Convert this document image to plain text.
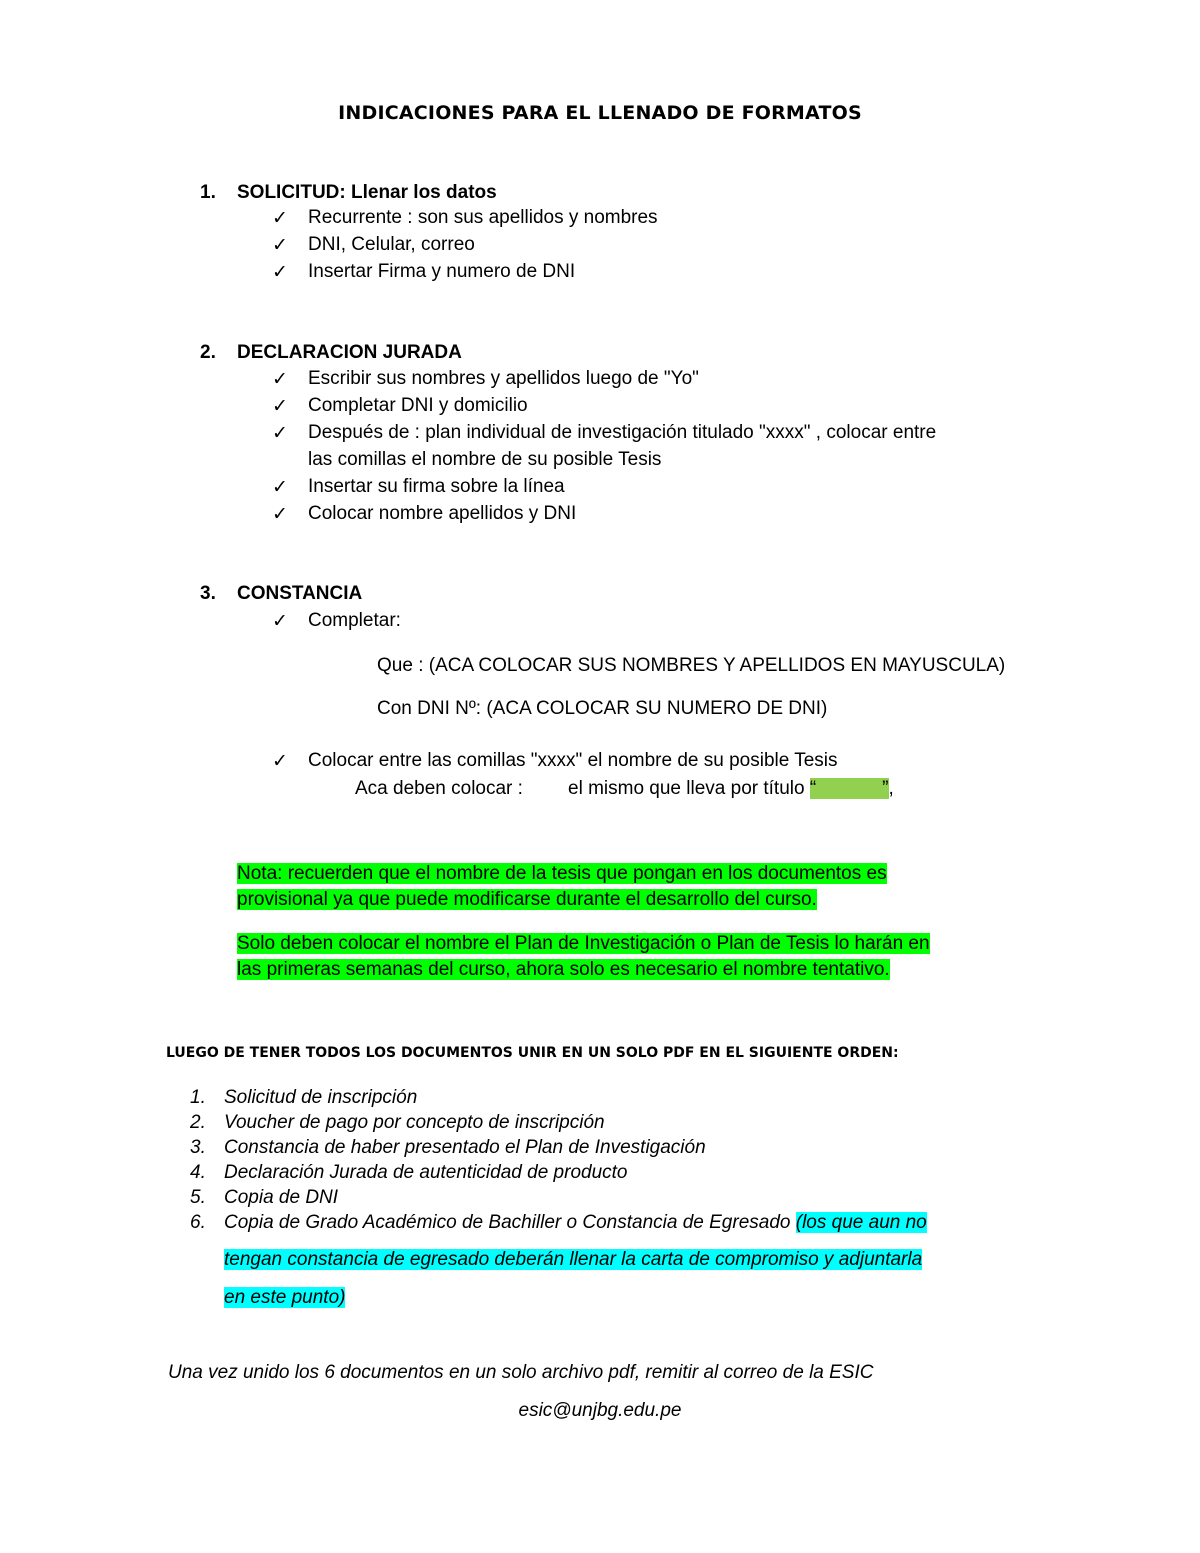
INDICACIONES PARA EL LLENADO DE FORMATOS
1. SOLICITUD: Llenar los datos
✓ Recurrente : son sus apellidos y nombres
✓ DNI, Celular, correo
✓ Insertar Firma y numero de DNI
2. DECLARACION JURADA
✓ Escribir sus nombres y apellidos luego de "Yo"
✓ Completar DNI y domicilio
✓ Después de : plan individual de investigación titulado "xxxx" , colocar entre
las comillas el nombre de su posible Tesis
✓ Insertar su firma sobre la línea
✓ Colocar nombre apellidos y DNI
3. CONSTANCIA
✓ Completar:
Que : (ACA COLOCAR SUS NOMBRES Y APELLIDOS EN MAYUSCULA)
Con DNI Nº: (ACA COLOCAR SU NUMERO DE DNI)
✓ Colocar entre las comillas "xxxx" el nombre de su posible Tesis
Aca deben colocar : el mismo que lleva por título “	”,
Nota: recuerden que el nombre de la tesis que pongan en los documentos es
provisional ya que puede modificarse durante el desarrollo del curso.
Solo deben colocar el nombre el Plan de Investigación o Plan de Tesis lo harán en
las primeras semanas del curso, ahora solo es necesario el nombre tentativo.
LUEGO DE TENER TODOS LOS DOCUMENTOS UNIR EN UN SOLO PDF EN EL SIGUIENTE ORDEN:
1. Solicitud de inscripción
2. Voucher de pago por concepto de inscripción
3. Constancia de haber presentado el Plan de Investigación
4. Declaración Jurada de autenticidad de producto
5. Copia de DNI
6. Copia de Grado Académico de Bachiller o Constancia de Egresado (los que aun no
tengan constancia de egresado deberán llenar la carta de compromiso y adjuntarla
en este punto)
Una vez unido los 6 documentos en un solo archivo pdf, remitir al correo de la ESIC
esic@unjbg.edu.pe
